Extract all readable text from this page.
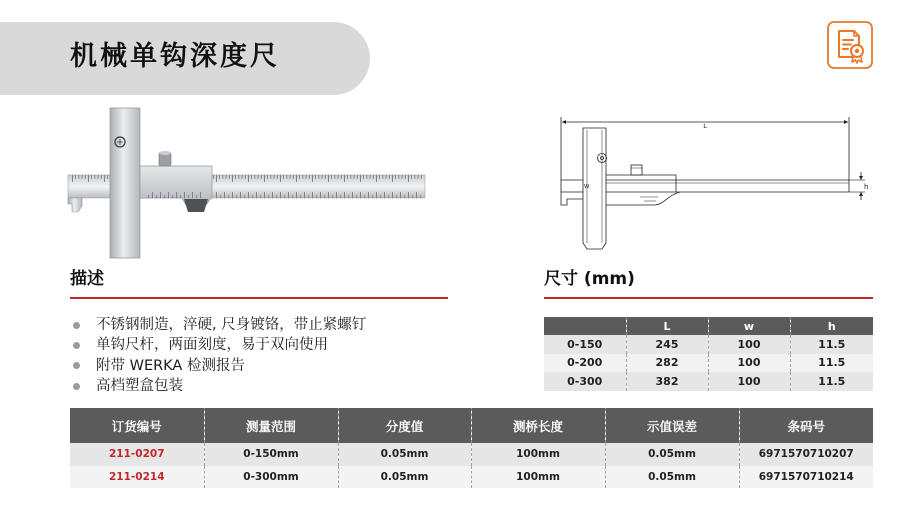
机械单钩深度尺
L
W	h
描述
不锈钢制造，淬硬, 尺身镀铬，带止紧螺钉
单钩尺杆，两面刻度，易于双向使用
附带 WERKA 检测报告
高档塑盒包装
尺寸 (mm)
	L	w	h
0-150	245	100	11.5
0-200	282	100	11.5
0-300	382	100	11.5
订货编号	测量范围	分度值	测桥长度	示值误差	条码号
211-0207	0-150mm	0.05mm	100mm	0.05mm	6971570710207
211-0214	0-300mm	0.05mm	100mm	0.05mm	6971570710214
